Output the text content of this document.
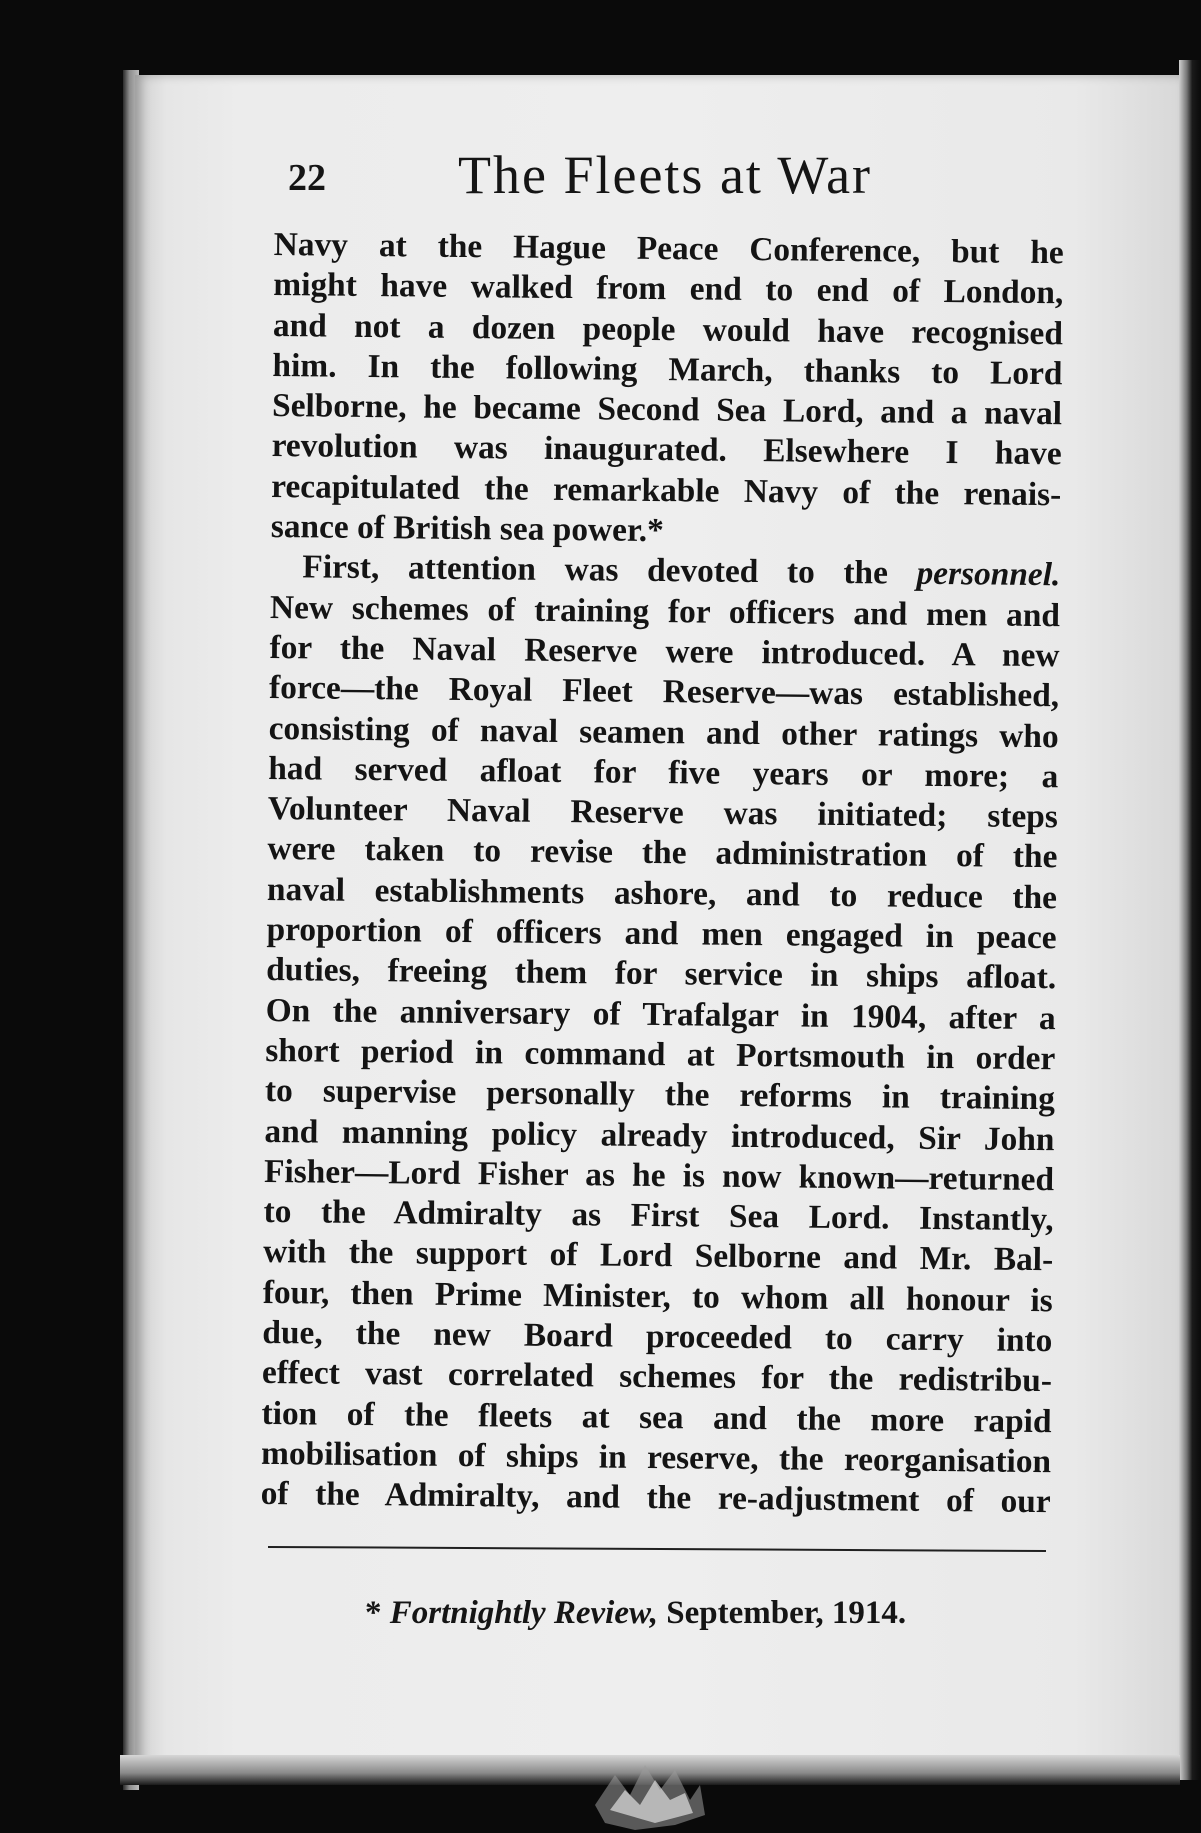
22 The Fleets at War
Navy at the Hague Peace Conference, but he
might have walked from end to end of London,
and not a dozen people would have recognised
him. In the following March, thanks to Lord
Selborne, he became Second Sea Lord, and a naval
revolution was inaugurated. Elsewhere I have
recapitulated the remarkable Navy of the renais-
sance of British sea power.*
First, attention was devoted to the personnel.
New schemes of training for officers and men and
for the Naval Reserve were introduced. A new
force—the Royal Fleet Reserve—was established,
consisting of naval seamen and other ratings who
had served afloat for five years or more; a
Volunteer Naval Reserve was initiated; steps
were taken to revise the administration of the
naval establishments ashore, and to reduce the
proportion of officers and men engaged in peace
duties, freeing them for service in ships afloat.
On the anniversary of Trafalgar in 1904, after a
short period in command at Portsmouth in order
to supervise personally the reforms in training
and manning policy already introduced, Sir John
Fisher—Lord Fisher as he is now known—returned
to the Admiralty as First Sea Lord. Instantly,
with the support of Lord Selborne and Mr. Bal-
four, then Prime Minister, to whom all honour is
due, the new Board proceeded to carry into
effect vast correlated schemes for the redistribu-
tion of the fleets at sea and the more rapid
mobilisation of ships in reserve, the reorganisation
of the Admiralty, and the re-adjustment of our
* Fortnightly Review, September, 1914.
